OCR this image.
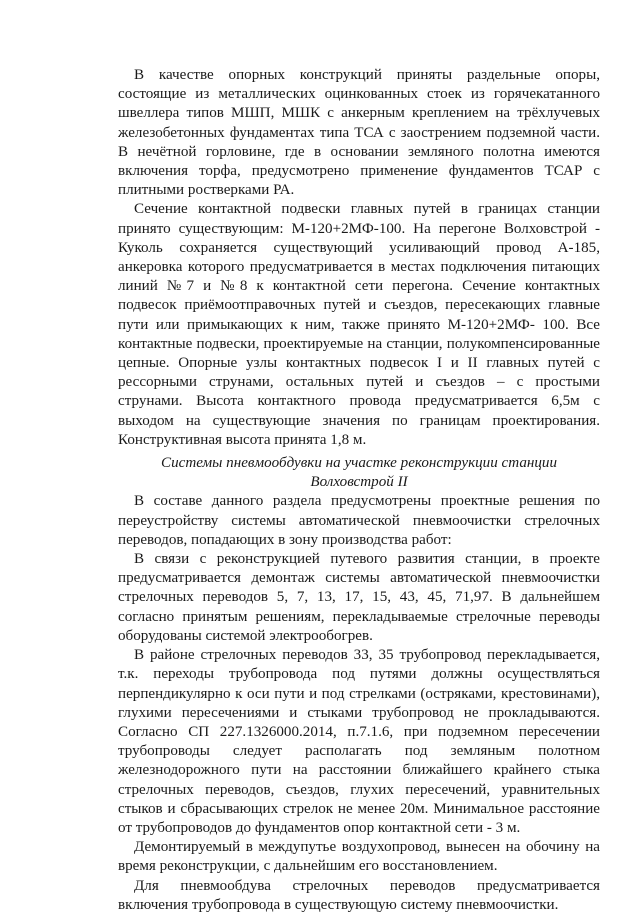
В качестве опорных конструкций приняты раздельные опоры, состоящие из металлических оцинкованных стоек из горячекатанного швеллера типов МШП, МШК с анкерным креплением на трёхлучевых железобетонных фундаментах типа ТСА с заострением подземной части. В нечётной горловине, где в основании земляного полотна имеются включения торфа, предусмотрено применение фундаментов ТСАР с плитными ростверками РА.

Сечение контактной подвески главных путей в границах станции принято существующим: М-120+2МФ-100. На перегоне Волховстрой - Куколь сохраняется существующий усиливающий провод А-185, анкеровка которого предусматривается в местах подключения питающих линий №7 и №8 к контактной сети перегона. Сечение контактных подвесок приёмоотправочных путей и съездов, пересекающих главные пути или примыкающих к ним, также принято М-120+2МФ- 100. Все контактные подвески, проектируемые на станции, полукомпенсированные цепные. Опорные узлы контактных подвесок I и II главных путей с рессорными струнами, остальных путей и съездов – с простыми струнами. Высота контактного провода предусматривается 6,5м с выходом на существующие значения по границам проектирования. Конструктивная высота принята 1,8 м.

Системы пневмообдувки на участке реконструкции станции Волховстрой II

В составе данного раздела предусмотрены проектные решения по переустройству системы автоматической пневмоочистки стрелочных переводов, попадающих в зону производства работ:

В связи с реконструкцией путевого развития станции, в проекте предусматривается демонтаж системы автоматической пневмоочистки стрелочных переводов 5, 7, 13, 17, 15, 43, 45, 71,97. В дальнейшем согласно принятым решениям, перекладываемые стрелочные переводы оборудованы системой электрообогрев.

В районе стрелочных переводов 33, 35 трубопровод перекладывается, т.к. переходы трубопровода под путями должны осуществляться перпендикулярно к оси пути и под стрелками (остряками, крестовинами), глухими пересечениями и стыками трубопровод не прокладываются. Согласно СП 227.1326000.2014, п.7.1.6, при подземном пересечении трубопроводы следует располагать под земляным полотном железнодорожного пути на расстоянии ближайшего крайнего стыка стрелочных переводов, съездов, глухих пересечений, уравнительных стыков и сбрасывающих стрелок не менее 20м. Минимальное расстояние от трубопроводов до фундаментов опор контактной сети - 3 м.

Демонтируемый в междупутье воздухопровод, вынесен на обочину на время реконструкции, с дальнейшим его восстановлением.

Для пневмообдува стрелочных переводов предусматривается включения трубопровода в существующую систему пневмоочистки.
